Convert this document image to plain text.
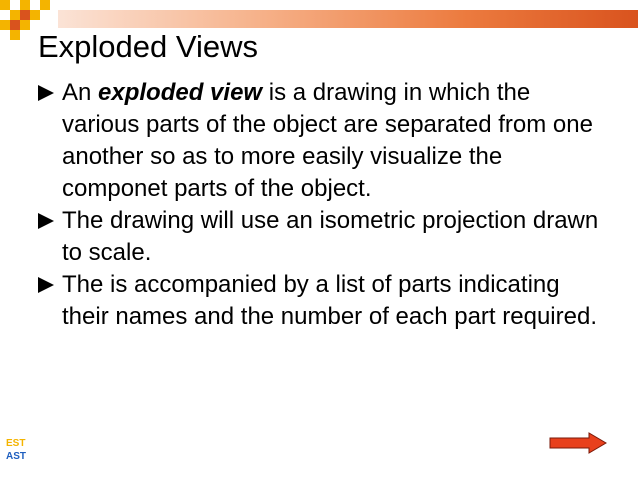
Exploded Views
An exploded view is a drawing in which the various parts of the object are separated from one another so as to more easily visualize the componet parts of the object.
The drawing will use an isometric projection drawn to scale.
The is accompanied by a list of parts indicating their names and the number of each part required.
EST
AST
